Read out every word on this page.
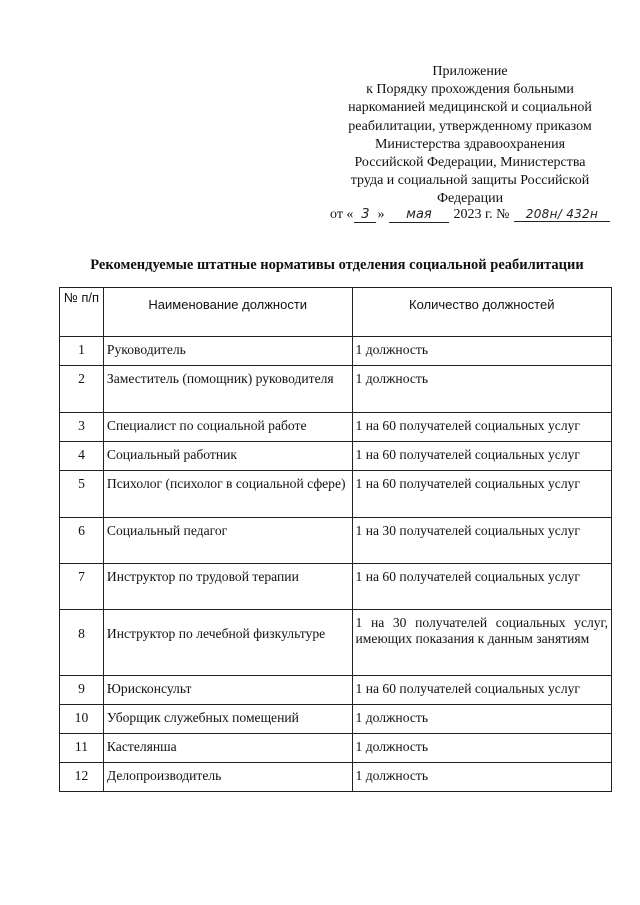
Приложение
к Порядку прохождения больными
наркоманией медицинской и социальной
реабилитации, утвержденному приказом
Министерства здравоохранения
Российской Федерации, Министерства
труда и социальной защиты Российской
Федерации
от « 3 » мая 2023 г. № 208н/ 432н
Рекомендуемые штатные нормативы отделения социальной реабилитации
№ п/п	Наименование должности	Количество должностей
1	Руководитель	1 должность
2	Заместитель (помощник) руководителя	1 должность
3	Специалист по социальной работе	1 на 60 получателей социальных услуг
4	Социальный работник	1 на 60 получателей социальных услуг
5	Психолог (психолог в социальной сфере)	1 на 60 получателей социальных услуг
6	Социальный педагог	1 на 30 получателей социальных услуг
7	Инструктор по трудовой терапии	1 на 60 получателей социальных услуг
8	Инструктор по лечебной физкультуре	1 на 30 получателей социальных услуг, имеющих показания к данным занятиям
9	Юрисконсульт	1 на 60 получателей социальных услуг
10	Уборщик служебных помещений	1 должность
11	Кастелянша	1 должность
12	Делопроизводитель	1 должность
